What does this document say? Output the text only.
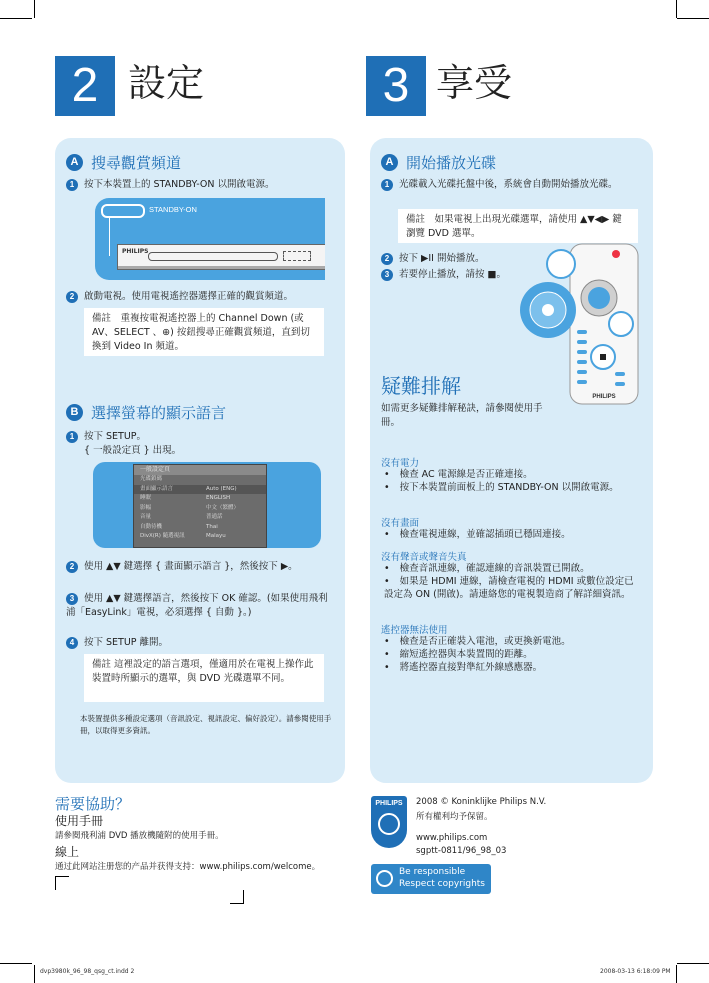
2 設定	3 享受
A 搜尋觀賞頻道
1 按下本裝置上的 STANDBY-ON 以開啟電源。
STANDBY-ON
PHILIPS
2 啟動電視。使用電視遙控器選擇正確的觀賞頻道。
備註　重複按電視遙控器上的 Channel Down (或 AV、SELECT 、⊕) 按鈕搜尋正確觀賞頻道，直到切換到 Video In 頻道。
B 選擇螢幕的顯示語言
1 按下 SETUP。
{ 一般設定頁 } 出現。
一般設定頁
光碟鎖碼
畫面顯示語言	Auto (ENG)
睡眠	ENGLISH
影幅	中文（繁體）
音量	普通話
自動待機	Thai
DivX(R) 隨選視訊	Malayu
2 使用 ▲▼ 鍵選擇 { 畫面顯示語言 }，然後按下 ▶。
3 使用 ▲▼ 鍵選擇語言，然後按下 OK 確認。(如果使用飛利浦「EasyLink」電視，必須選擇 { 自動 }。)
4 按下 SETUP 離開。
備註 這裡設定的語言選項，僅適用於在電視上操作此裝置時所顯示的選單，與 DVD 光碟選單不同。
本裝置提供多種設定選項（音訊設定、視訊設定、偏好設定）。請參閱使用手冊，以取得更多資訊。
A 開始播放光碟
1 光碟載入光碟托盤中後，系統會自動開始播放光碟。
備註　如果電視上出現光碟選單，請使用 ▲▼◀▶ 鍵瀏覽 DVD 選單。
2 按下 ▶II 開始播放。
3 若要停止播放，請按 ■。
PHILIPS
疑難排解
如需更多疑難排解秘訣，請參閱使用手冊。
沒有電力
• 檢查 AC 電源線是否正確連接。
• 按下本裝置前面板上的 STANDBY-ON 以開啟電源。
沒有畫面
• 檢查電視連線，並確認插頭已穩固連接。
沒有聲音或聲音失真
• 檢查音訊連線，確認連線的音訊裝置已開啟。
• 如果是 HDMI 連線，請檢查電視的 HDMI 或數位設定已設定為 ON (開啟)。請連絡您的電視製造商了解詳細資訊。
遙控器無法使用
• 檢查是否正確裝入電池，或更換新電池。
• 縮短遙控器與本裝置間的距離。
• 將遙控器直接對準紅外線感應器。
需要協助？
使用手冊
請參閱飛利浦 DVD 播放機隨附的使用手冊。
線上
通过此网站注册您的产品并获得支持：www.philips.com/welcome。
PHILIPS	2008 © Koninklijke Philips N.V.
所有權利均予保留。
www.philips.com
sgptt-0811/96_98_03
Be responsible
Respect copyrights
dvp3980k_96_98_qsg_ct.indd 2	2008-03-13 6:18:09 PM
